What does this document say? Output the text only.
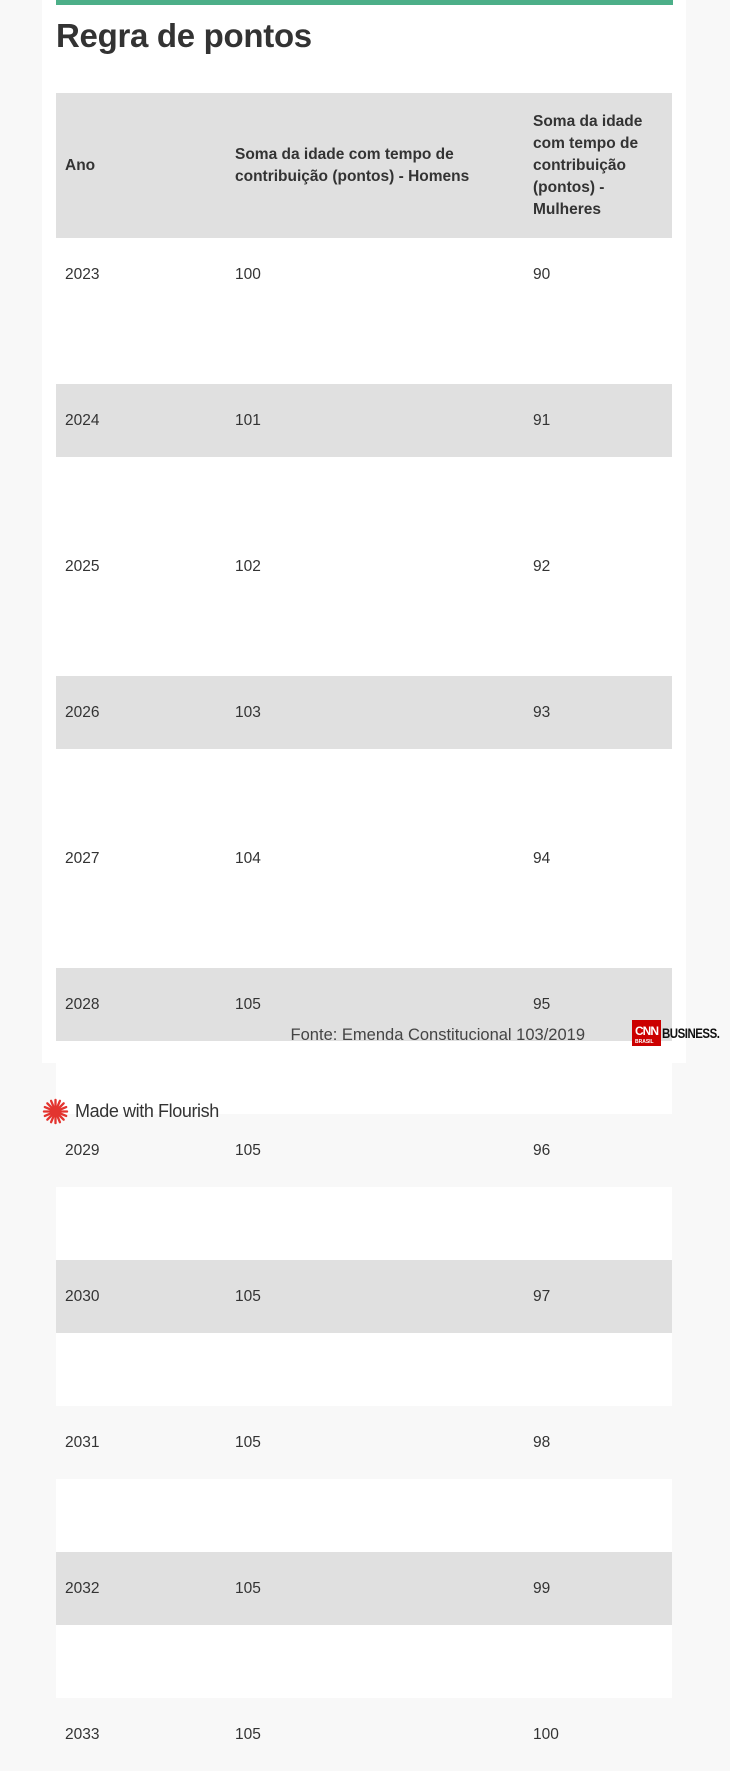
Regra de pontos
Ano	Soma da idade com tempo de contribuição (pontos) - Homens	Soma da idade com tempo de contribuição (pontos) - Mulheres
2023	100	90

2024	101	91

2025	102	92

2026	103	93

2027	104	94

2028	105	95

2029	105	96

2030	105	97

2031	105	98

2032	105	99

2033	105	100
Fonte: Emenda Constitucional 103/2019	CNN
BRASIL
BUSINESS.
Made with Flourish
